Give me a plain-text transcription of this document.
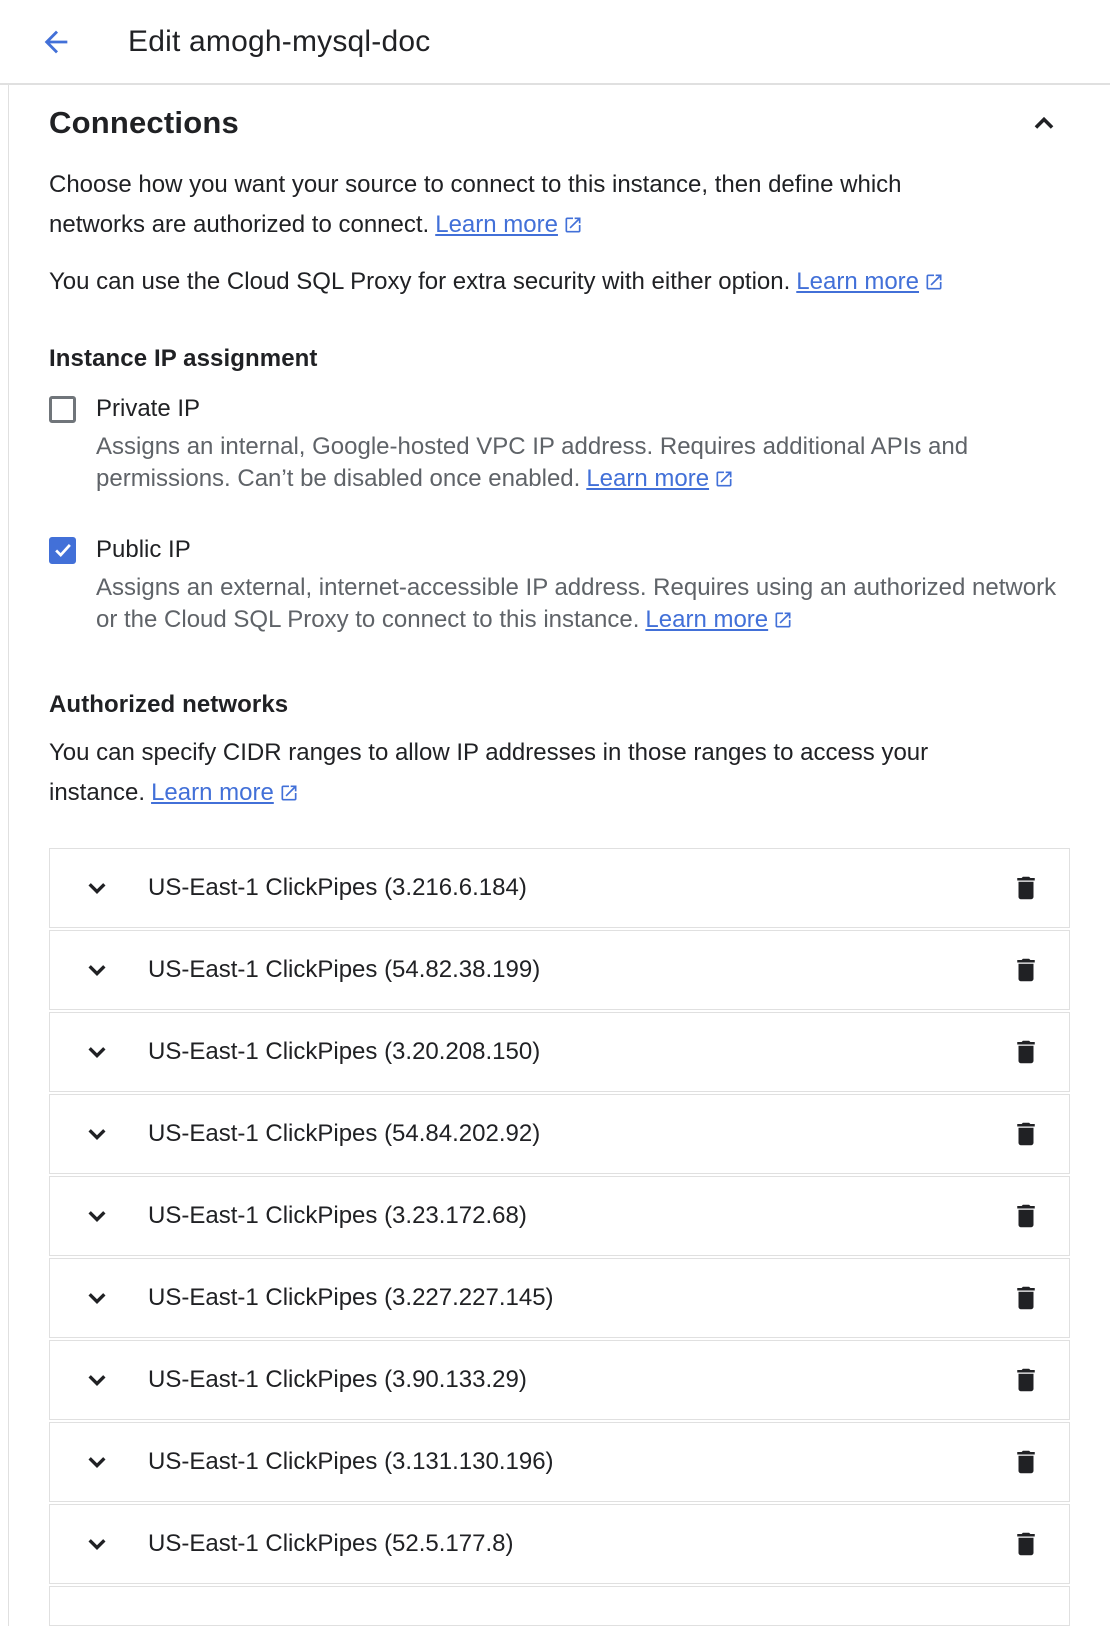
Edit amogh-mysql-doc
Connections

Choose how you want your source to connect to this instance, then define which networks are authorized to connect. Learn more

You can use the Cloud SQL Proxy for extra security with either option. Learn more

Instance IP assignment
Private IP
Assigns an internal, Google-hosted VPC IP address. Requires additional APIs and permissions. Can’t be disabled once enabled. Learn more
Public IP
Assigns an external, internet-accessible IP address. Requires using an authorized network or the Cloud SQL Proxy to connect to this instance. Learn more
Authorized networks

You can specify CIDR ranges to allow IP addresses in those ranges to access your instance. Learn more

US-East-1 ClickPipes (3.216.6.184)
US-East-1 ClickPipes (54.82.38.199)
US-East-1 ClickPipes (3.20.208.150)
US-East-1 ClickPipes (54.84.202.92)
US-East-1 ClickPipes (3.23.172.68)
US-East-1 ClickPipes (3.227.227.145)
US-East-1 ClickPipes (3.90.133.29)
US-East-1 ClickPipes (3.131.130.196)
US-East-1 ClickPipes (52.5.177.8)
